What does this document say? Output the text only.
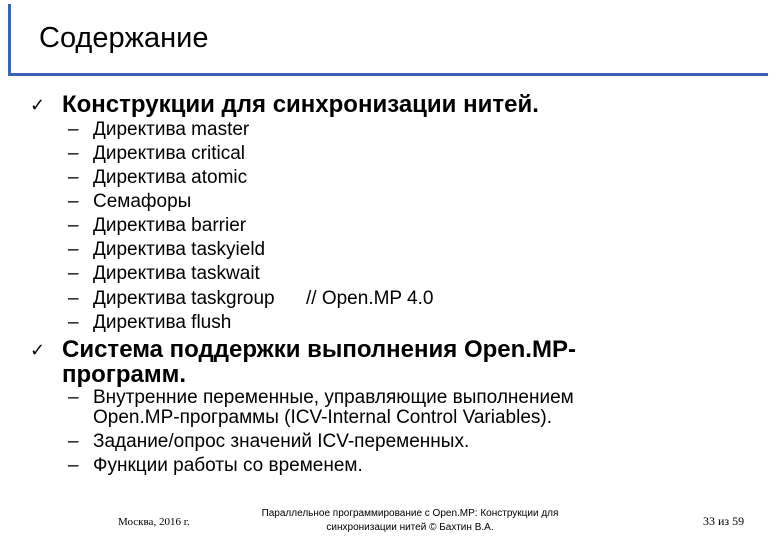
Содержание
✓ Конструкции для синхронизации нитей.
– Директива master
– Директива critical
– Директива atomic
– Семафоры
– Директива barrier
– Директива taskyield
– Директива taskwait
– Директива taskgroup // Open.MP 4.0
– Директива flush
✓ Система поддержки выполнения Open.MP-
программ.
– Внутренние переменные, управляющие выполнением
Open.MP-программы (ICV-Internal Control Variables).
– Задание/опрос значений ICV-переменных.
– Функции работы со временем.
Москва, 2016 г.
Параллельное программирование с Open.MP: Конструкции для
синхронизации нитей © Бахтин В.А.	33 из 59
